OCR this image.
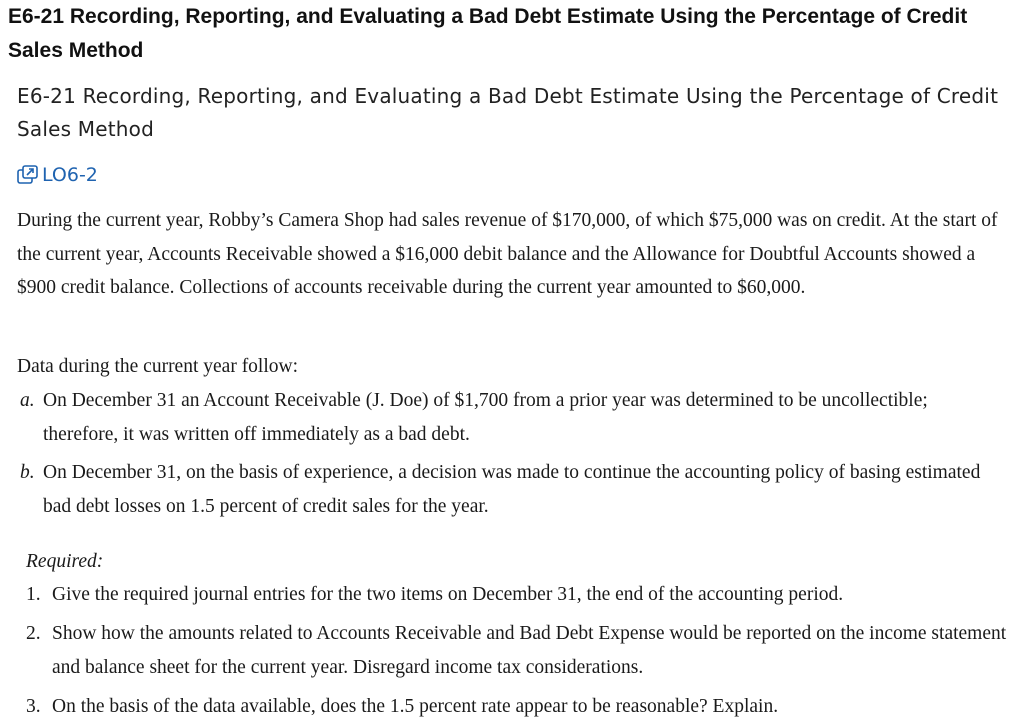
E6-21 Recording, Reporting, and Evaluating a Bad Debt Estimate Using the Percentage of Credit Sales Method
E6-21 Recording, Reporting, and Evaluating a Bad Debt Estimate Using the Percentage of Credit Sales Method
LO6-2
During the current year, Robby’s Camera Shop had sales revenue of $170,000, of which $75,000 was on credit. At the start of the current year, Accounts Receivable showed a $16,000 debit balance and the Allowance for Doubtful Accounts showed a $900 credit balance. Collections of accounts receivable during the current year amounted to $60,000.
Data during the current year follow:
a. On December 31 an Account Receivable (J. Doe) of $1,700 from a prior year was determined to be uncollectible; therefore, it was written off immediately as a bad debt.
b. On December 31, on the basis of experience, a decision was made to continue the accounting policy of basing estimated bad debt losses on 1.5 percent of credit sales for the year.
Required:
1. Give the required journal entries for the two items on December 31, the end of the accounting period.
2. Show how the amounts related to Accounts Receivable and Bad Debt Expense would be reported on the income statement and balance sheet for the current year. Disregard income tax considerations.
3. On the basis of the data available, does the 1.5 percent rate appear to be reasonable? Explain.
